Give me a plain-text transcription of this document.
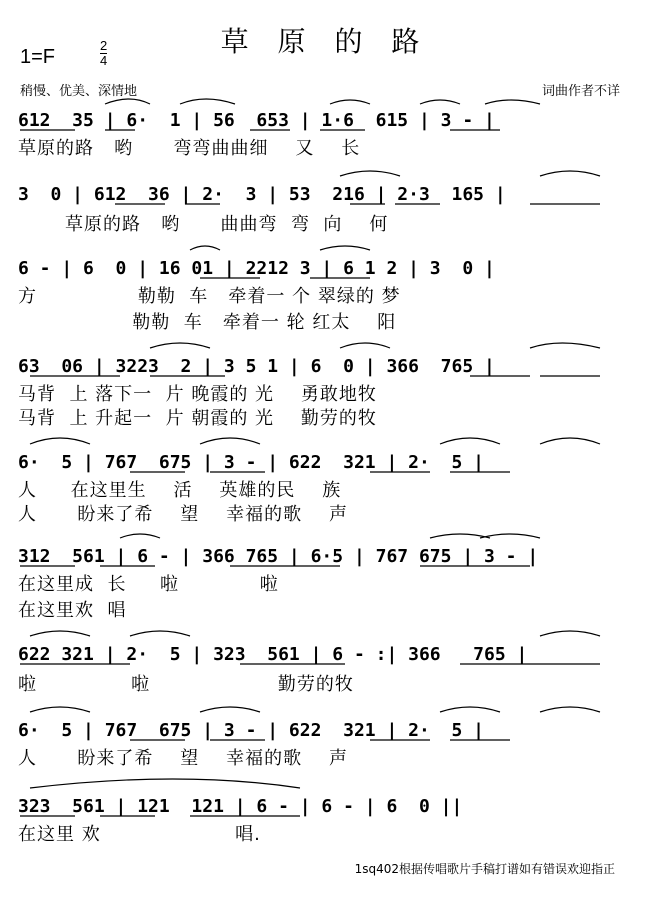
草 原 的 路
1=F
2
4
稍慢、优美、深情地	词曲作者不详
612  35 | 6·  1 | 56  653 | 1·6  615 | 3 - |
草原的路   哟      弯弯曲曲细    又    长
3  0 | 612  36 | 2·  3 | 53  216 | 2·3  165 |
草原的路   哟      曲曲弯  弯  向    何
6 - | 6  0 | 16 01 | 2212 3 | 6 1 2 | 3  0 |
方               勒勒  车   牵着一 个 翠绿的 梦
勒勒  车   牵着一 轮 红太    阳
63  06 | 3223  2 | 3 5 1 | 6  0 | 366  765 |
马背  上 落下一  片 晚霞的 光    勇敢地牧
马背  上 升起一  片 朝霞的 光    勤劳的牧
6·  5 | 767  675 | 3 - | 622  321 | 2·  5 |
人     在这里生    活    英雄的民    族
人      盼来了希    望    幸福的歌    声
312  561 | 6 - | 366 765 | 6·5 | 767 675 | 3 - |
在这里成  长     啦            啦
在这里欢  唱
622 321 | 2·  5 | 323  561 | 6 - :| 366   765 |
啦              啦                   勤劳的牧
6·  5 | 767  675 | 3 - | 622  321 | 2·  5 |
人      盼来了希    望    幸福的歌    声
323  561 | 121  121 | 6 - | 6 - | 6  0 ||
在这里 欢                    唱.
1sq402根据传唱歌片手稿打谱如有错误欢迎指正
